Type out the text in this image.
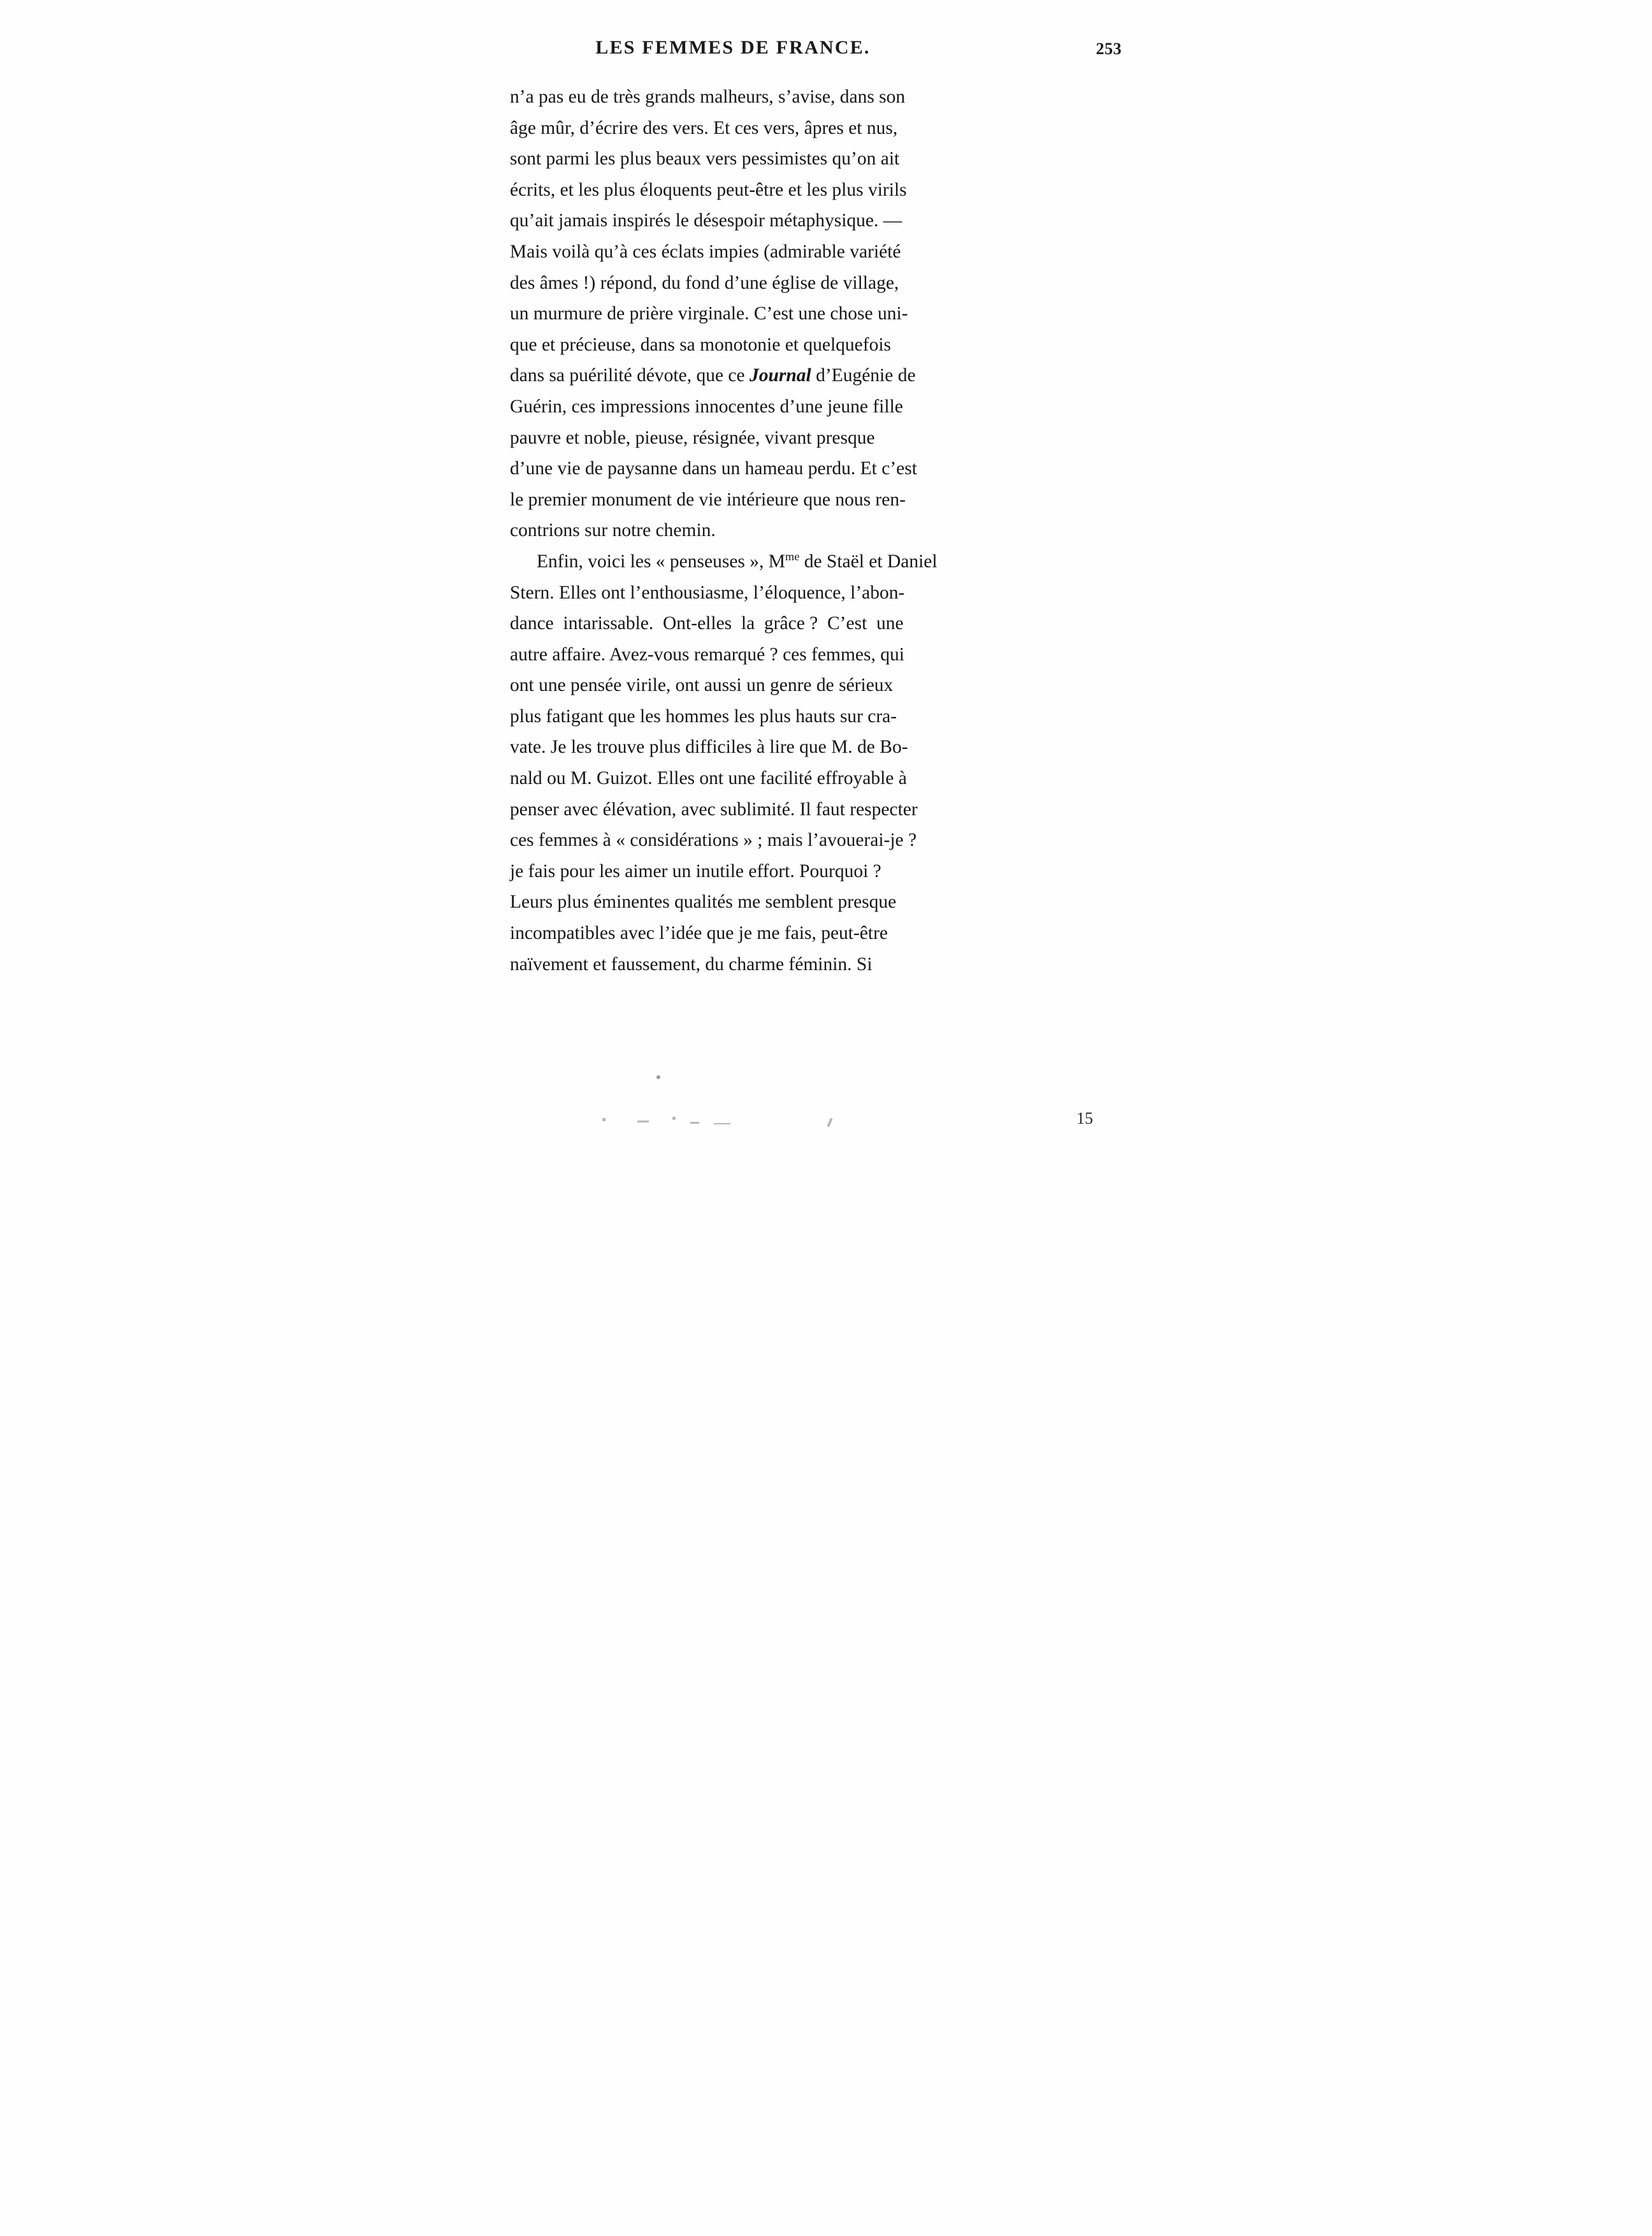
LES FEMMES DE FRANCE.	253

n’a pas eu de très grands malheurs, s’avise, dans son
âge mûr, d’écrire des vers. Et ces vers, âpres et nus,
sont parmi les plus beaux vers pessimistes qu’on ait
écrits, et les plus éloquents peut-être et les plus virils
qu’ait jamais inspirés le désespoir métaphysique. —
Mais voilà qu’à ces éclats impies (admirable variété
des âmes !) répond, du fond d’une église de village,
un murmure de prière virginale. C’est une chose uni-
que et précieuse, dans sa monotonie et quelquefois
dans sa puérilité dévote, que ce Journal d’Eugénie de
Guérin, ces impressions innocentes d’une jeune fille
pauvre et noble, pieuse, résignée, vivant presque
d’une vie de paysanne dans un hameau perdu. Et c’est
le premier monument de vie intérieure que nous ren-
contrions sur notre chemin.

Enfin, voici les « penseuses », $M^{me}$ de Staël et Daniel
Stern. Elles ont l’enthousiasme, l’éloquence, l’abon-
dance  intarissable.  Ont-elles  la  grâce ?  C’est  une
autre affaire. Avez-vous remarqué ? ces femmes, qui
ont une pensée virile, ont aussi un genre de sérieux
plus fatigant que les hommes les plus hauts sur cra-
vate. Je les trouve plus difficiles à lire que M. de Bo-
nald ou M. Guizot. Elles ont une facilité effroyable à
penser avec élévation, avec sublimité. Il faut respecter
ces femmes à « considérations » ; mais l’avouerai-je ?
je fais pour les aimer un inutile effort. Pourquoi ?
Leurs plus éminentes qualités me semblent presque
incompatibles avec l’idée que je me fais, peut-être
naïvement et faussement, du charme féminin. Si

15
